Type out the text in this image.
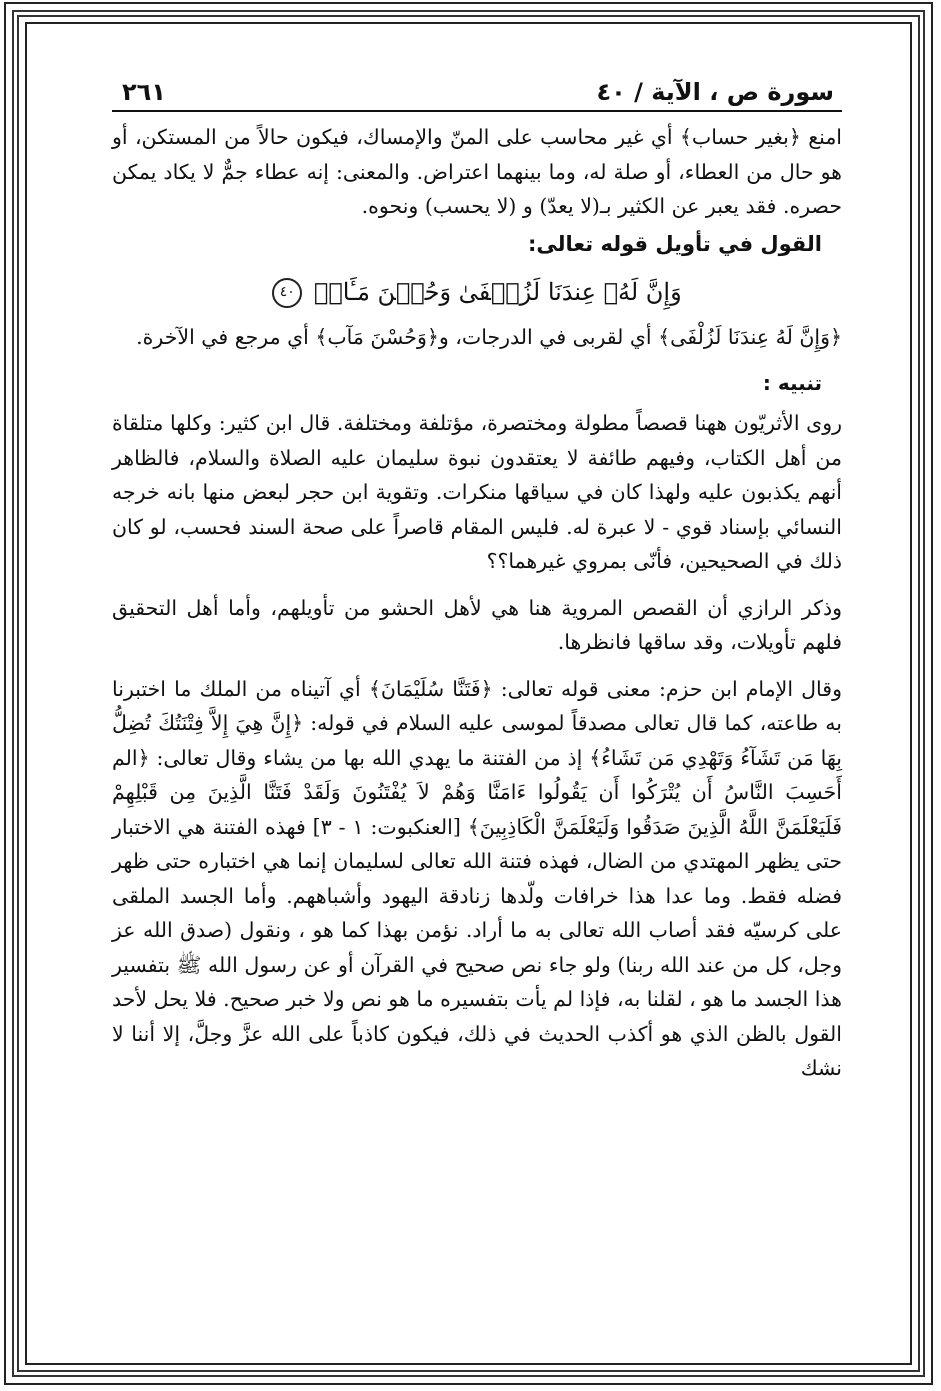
سورة ص ، الآية / ٤٠
٢٦١

امنع ﴿بغير حساب﴾ أي غير محاسب على المنّ والإمساك، فيكون حالاً من المستكن، أو هو حال من العطاء، أو صلة له، وما بينهما اعتراض. والمعنى: إنه عطاء جمٌّ لا يكاد يمكن حصره. فقد يعبر عن الكثير بـ(لا يعدّ) و (لا يحسب) ونحوه.

القول في تأويل قوله تعالى:
وَإِنَّ لَهُۥ عِندَنَا لَزُلۡفَىٰ وَحُسۡنَ مَـَٔابٖ ٤٠

﴿وَإِنَّ لَهُ عِندَنَا لَزُلْفَى﴾ أي لقربى في الدرجات، و﴿وَحُسْنَ مَآب﴾ أي مرجع في الآخرة.

تنبيه :

روى الأثريّون ههنا قصصاً مطولة ومختصرة، مؤتلفة ومختلفة. قال ابن كثير: وكلها متلقاة من أهل الكتاب، وفيهم طائفة لا يعتقدون نبوة سليمان عليه الصلاة والسلام، فالظاهر أنهم يكذبون عليه ولهذا كان في سياقها منكرات. وتقوية ابن حجر لبعض منها بانه خرجه النسائي بإسناد قوي - لا عبرة له. فليس المقام قاصراً على صحة السند فحسب، لو كان ذلك في الصحيحين، فأنّى بمروي غيرهما؟؟

وذكر الرازي أن القصص المروية هنا هي لأهل الحشو من تأويلهم، وأما أهل التحقيق فلهم تأويلات، وقد ساقها فانظرها.

وقال الإمام ابن حزم: معنى قوله تعالى: ﴿فَتَنَّا سُلَيْمَانَ﴾ أي آتيناه من الملك ما اختبرنا به طاعته، كما قال تعالى مصدقاً لموسى عليه السلام في قوله: ﴿إِنَّ هِيَ إِلاَّ فِتْنَتُكَ تُضِلُّ بِهَا مَن تَشَآءُ وَتَهْدِي مَن تَشَاءُ﴾ إذ من الفتنة ما يهدي الله بها من يشاء وقال تعالى: ﴿الم أَحَسِبَ النَّاسُ أَن يُتْرَكُوا أَن يَقُولُوا ءَامَنَّا وَهُمْ لاَ يُفْتَنُونَ وَلَقَدْ فَتَنَّا الَّذِينَ مِن قَبْلِهِمْ فَلَيَعْلَمَنَّ اللَّهُ الَّذِينَ صَدَقُوا وَلَيَعْلَمَنَّ الْكَاذِبِينَ﴾ [العنكبوت: ١ - ٣] فهذه الفتنة هي الاختبار حتى يظهر المهتدي من الضال، فهذه فتنة الله تعالى لسليمان إنما هي اختباره حتى ظهر فضله فقط. وما عدا هذا خرافات ولّدها زنادقة اليهود وأشباههم. وأما الجسد الملقى على كرسيّه فقد أصاب الله تعالى به ما أراد. نؤمن بهذا كما هو ، ونقول (صدق الله عز وجل، كل من عند الله ربنا) ولو جاء نص صحيح في القرآن أو عن رسول الله ﷺ بتفسير هذا الجسد ما هو ، لقلنا به، فإذا لم يأت بتفسيره ما هو نص ولا خبر صحيح. فلا يحل لأحد القول بالظن الذي هو أكذب الحديث في ذلك، فيكون كاذباً على الله عزَّ وجلَّ، إلا أننا لا نشك
